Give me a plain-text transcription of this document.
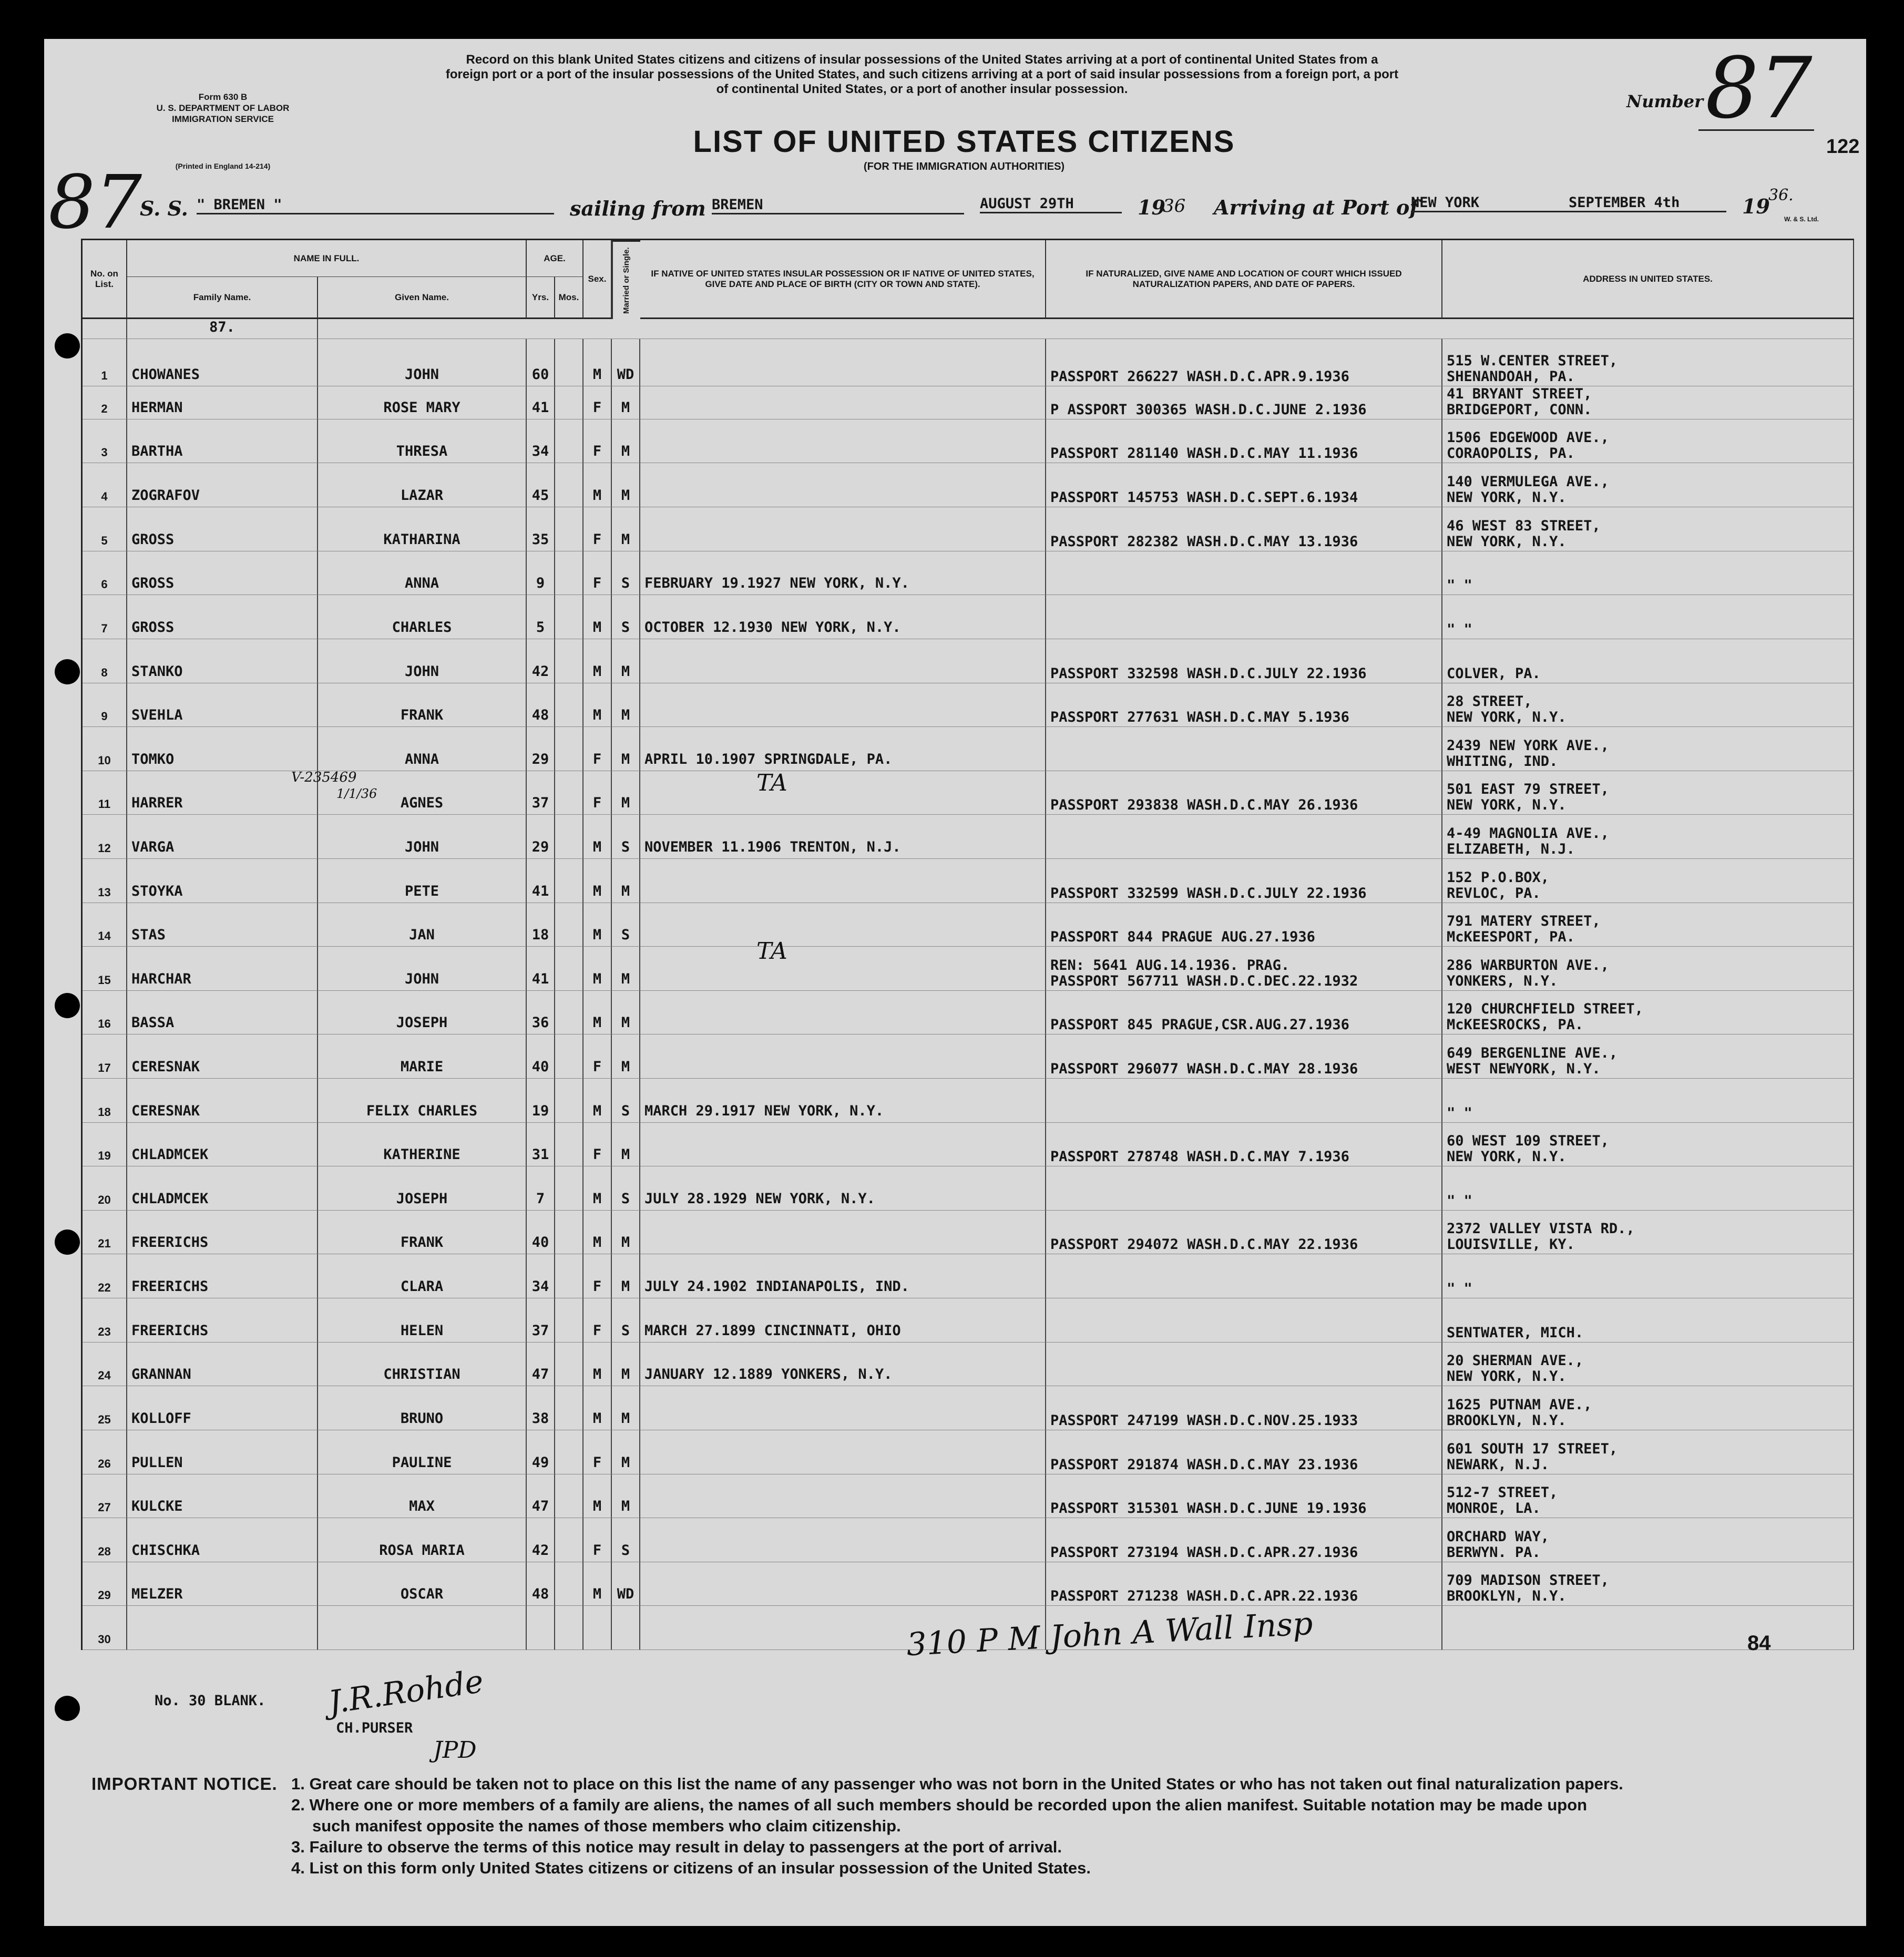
Form 630 B
U. S. DEPARTMENT OF LABOR
IMMIGRATION SERVICE
(Printed in England 14-214)
Record on this blank United States citizens and citizens of insular possessions of the United States arriving at a port of continental United States from a
foreign port or a port of the insular possessions of the United States, and such citizens arriving at a port of said insular possessions from a foreign port, a port
of continental United States, or a port of another insular possession.
LIST OF UNITED STATES CITIZENS
(FOR THE IMMIGRATION AUTHORITIES)
Number 87
122
87
S. S. " BREMEN "	sailing from BREMEN	AUGUST 29TH	19
36 Arriving at Port of
NEW YORK	SEPTEMBER 4th	19
36.
W. & S. Ltd.
No. on List.
NAME IN FULL.
Family Name.	Given Name.
AGE.
Yrs.	Mos.
Sex.	Married or Single.	IF NATIVE OF UNITED STATES INSULAR POSSESSION OR IF NATIVE OF UNITED STATES, GIVE DATE AND PLACE OF BIRTH (CITY OR TOWN AND STATE).
IF NATURALIZED, GIVE NAME AND LOCATION OF COURT WHICH ISSUED NATURALIZATION PAPERS, AND DATE OF PAPERS.
ADDRESS IN UNITED STATES.
87.
1	CHOWANES	JOHN	60	M	WD	PASSPORT 266227 WASH.D.C.APR.9.1936
515 W.CENTER STREET,
SHENANDOAH, PA.
2	HERMAN	ROSE MARY	41	F	M	P ASSPORT 300365 WASH.D.C.JUNE 2.1936
41 BRYANT STREET,
BRIDGEPORT, CONN.
3	BARTHA	THRESA	34	F	M	PASSPORT 281140 WASH.D.C.MAY 11.1936
1506 EDGEWOOD AVE.,
CORAOPOLIS, PA.
4	ZOGRAFOV	LAZAR	45	M	M	PASSPORT 145753 WASH.D.C.SEPT.6.1934
140 VERMULEGA AVE.,
NEW YORK, N.Y.
5	GROSS	KATHARINA	35	F	M	PASSPORT 282382 WASH.D.C.MAY 13.1936
46 WEST 83 STREET,
NEW YORK, N.Y.
6	GROSS	ANNA	9	F	S	FEBRUARY 19.1927 NEW YORK, N.Y.	" "
7	GROSS	CHARLES	5	M	S	OCTOBER 12.1930 NEW YORK, N.Y.	" "
8	STANKO	JOHN	42	M	M	PASSPORT 332598 WASH.D.C.JULY 22.1936	COLVER, PA.
9	SVEHLA	FRANK	48	M	M	PASSPORT 277631 WASH.D.C.MAY 5.1936
28 STREET,
NEW YORK, N.Y.
10	TOMKO	ANNA	29	F	M	APRIL 10.1907 SPRINGDALE, PA.
2439 NEW YORK AVE.,
WHITING, IND.
11	HARRER	AGNES	37	F	M	PASSPORT 293838 WASH.D.C.MAY 26.1936
501 EAST 79 STREET,
NEW YORK, N.Y.
12	VARGA	JOHN	29	M	S	NOVEMBER 11.1906 TRENTON, N.J.
4-49 MAGNOLIA AVE.,
ELIZABETH, N.J.
13	STOYKA	PETE	41	M	M	PASSPORT 332599 WASH.D.C.JULY 22.1936
152 P.O.BOX,
REVLOC, PA.
14	STAS	JAN	18	M	S	PASSPORT 844 PRAGUE AUG.27.1936
791 MATERY STREET,
McKEESPORT, PA.
15	HARCHAR	JOHN	41	M	M
REN: 5641 AUG.14.1936. PRAG.
PASSPORT 567711 WASH.D.C.DEC.22.1932
286 WARBURTON AVE.,
YONKERS, N.Y.
16	BASSA	JOSEPH	36	M	M	PASSPORT 845 PRAGUE,CSR.AUG.27.1936
120 CHURCHFIELD STREET,
McKEESROCKS, PA.
17	CERESNAK	MARIE	40	F	M	PASSPORT 296077 WASH.D.C.MAY 28.1936
649 BERGENLINE AVE.,
WEST NEWYORK, N.Y.
18	CERESNAK	FELIX CHARLES	19	M	S	MARCH 29.1917 NEW YORK, N.Y.	" "
19	CHLADMCEK	KATHERINE	31	F	M	PASSPORT 278748 WASH.D.C.MAY 7.1936
60 WEST 109 STREET,
NEW YORK, N.Y.
20	CHLADMCEK	JOSEPH	7	M	S	JULY 28.1929 NEW YORK, N.Y.	" "
21	FREERICHS	FRANK	40	M	M	PASSPORT 294072 WASH.D.C.MAY 22.1936
2372 VALLEY VISTA RD.,
LOUISVILLE, KY.
22	FREERICHS	CLARA	34	F	M	JULY 24.1902 INDIANAPOLIS, IND.	" "
23	FREERICHS	HELEN	37	F	S	MARCH 27.1899 CINCINNATI, OHIO	SENTWATER, MICH.
24	GRANNAN	CHRISTIAN	47	M	M	JANUARY 12.1889 YONKERS, N.Y.
20 SHERMAN AVE.,
NEW YORK, N.Y.
25	KOLLOFF	BRUNO	38	M	M	PASSPORT 247199 WASH.D.C.NOV.25.1933
1625 PUTNAM AVE.,
BROOKLYN, N.Y.
26	PULLEN	PAULINE	49	F	M	PASSPORT 291874 WASH.D.C.MAY 23.1936
601 SOUTH 17 STREET,
NEWARK, N.J.
27	KULCKE	MAX	47	M	M	PASSPORT 315301 WASH.D.C.JUNE 19.1936
512-7 STREET,
MONROE, LA.
28	CHISCHKA	ROSA MARIA	42	F	S	PASSPORT 273194 WASH.D.C.APR.27.1936
ORCHARD WAY,
BERWYN. PA.
29	MELZER	OSCAR	48	M	WD	PASSPORT 271238 WASH.D.C.APR.22.1936
709 MADISON STREET,
BROOKLYN, N.Y.
30
V-235469
1/1/36	TA
TA
310 P M John A Wall Insp	84
No. 30 BLANK. J.R.Rohde
CH.PURSER
JPD
IMPORTANT NOTICE. 1. Great care should be taken not to place on this list the name of any passenger who was not born in the United States or who has not taken out final naturalization papers.
2. Where one or more members of a family are aliens, the names of all such members should be recorded upon the alien manifest. Suitable notation may be made upon
such manifest opposite the names of those members who claim citizenship.
3. Failure to observe the terms of this notice may result in delay to passengers at the port of arrival.
4. List on this form only United States citizens or citizens of an insular possession of the United States.
